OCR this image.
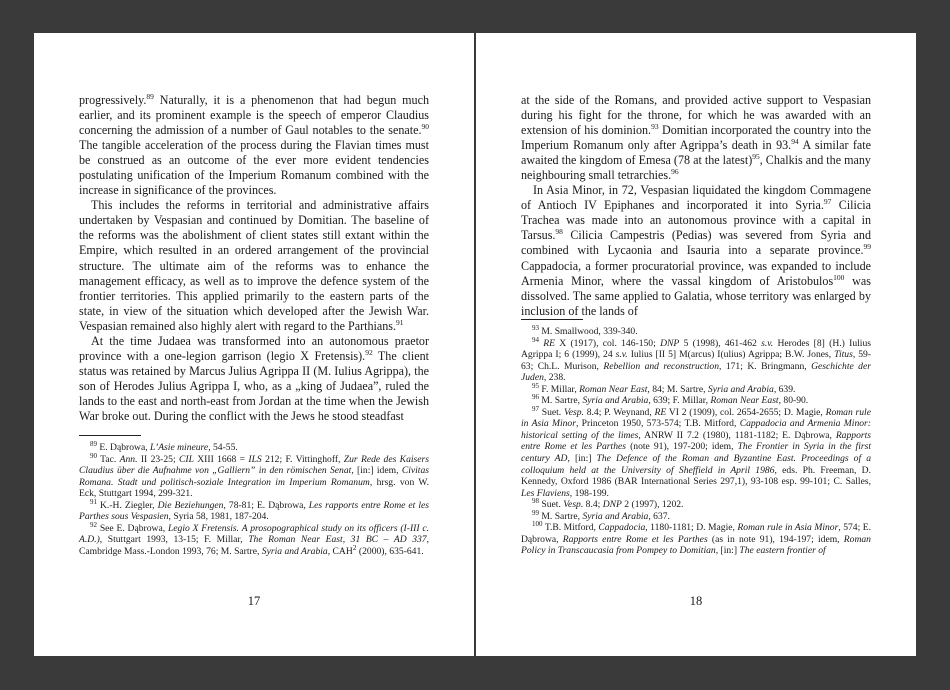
progressively.$^{89}$ Naturally, it is a phenomenon that had begun much earlier, and its prominent example is the speech of emperor Claudius concerning the admission of a number of Gaul notables to the senate.$^{90}$ The tangible acceleration of the process during the Flavian times must be construed as an outcome of the ever more evident tendencies postulating unification of the Imperium Romanum combined with the increase in significance of the provinces.

This includes the reforms in territorial and administrative affairs undertaken by Vespasian and continued by Domitian. The baseline of the reforms was the abolishment of client states still extant within the Empire, which resulted in an ordered arrangement of the provincial structure. The ultimate aim of the reforms was to enhance the management efficacy, as well as to improve the defence system of the frontier territories. This applied primarily to the eastern parts of the state, in view of the situation which developed after the Jewish War. Vespasian remained also highly alert with regard to the Parthians.$^{91}$

At the time Judaea was transformed into an autonomous praetor province with a one-legion garrison (legio X Fretensis).$^{92}$ The client status was retained by Marcus Julius Agrippa II (M. Iulius Agrippa), the son of Herodes Julius Agrippa I, who, as a „king of Judaea”, ruled the lands to the east and north-east from Jordan at the time when the Jewish War broke out. During the conflict with the Jews he stood steadfast

$^{89}$ E. Dąbrowa, L’Asie mineure, 54-55.

$^{90}$ Tac. Ann. II 23-25; CIL XIII 1668 = ILS 212; F. Vittinghoff, Zur Rede des Kaisers Claudius über die Aufnahme von „Galliern” in den römischen Senat, [in:] idem, Civitas Romana. Stadt und politisch-soziale Integration im Imperium Romanum, hrsg. von W. Eck, Stuttgart 1994, 299-321.

$^{91}$ K.-H. Ziegler, Die Beziehungen, 78-81; E. Dąbrowa, Les rapports entre Rome et les Parthes sous Vespasien, Syria 58, 1981, 187-204.

$^{92}$ See E. Dąbrowa, Legio X Fretensis. A prosopographical study on its officers (I-III c. A.D.), Stuttgart 1993, 13-15; F. Millar, The Roman Near East, 31 BC – AD 337, Cambridge Mass.-London 1993, 76; M. Sartre, Syria and Arabia, CAH$^2$ (2000), 635-641.

17

at the side of the Romans, and provided active support to Vespasian during his fight for the throne, for which he was awarded with an extension of his dominion.$^{93}$ Domitian incorporated the country into the Imperium Romanum only after Agrippa’s death in 93.94 A similar fate awaited the kingdom of Emesa (78 at the latest)$^{95}$, Chalkis and the many neighbouring small tetrarchies.$^{96}$

In Asia Minor, in 72, Vespasian liquidated the kingdom Commagene of Antioch IV Epiphanes and incorporated it into Syria.$^{97}$ Cilicia Trachea was made into an autonomous province with a capital in Tarsus.$^{98}$ Cilicia Campestris (Pedias) was severed from Syria and combined with Lycaonia and Isauria into a separate province.$^{99}$ Cappadocia, a former procuratorial province, was expanded to include Armenia Minor, where the vassal kingdom of Aristobulos$^{100}$ was dissolved. The same applied to Galatia, whose territory was enlarged by inclusion of the lands of

$^{93}$ M. Smallwood, 339-340.

$^{94}$ RE X (1917), col. 146-150; DNP 5 (1998), 461-462 s.v. Herodes [8] (H.) Iulius Agrippa I; 6 (1999), 24 s.v. Iulius [II 5] M(arcus) I(ulius) Agrippa; B.W. Jones, Titus, 59-63; Ch.L. Murison, Rebellion and reconstruction, 171; K. Bringmann, Geschichte der Juden, 238.

$^{95}$ F. Millar, Roman Near East, 84; M. Sartre, Syria and Arabia, 639.

$^{96}$ M. Sartre, Syria and Arabia, 639; F. Millar, Roman Near East, 80-90.

$^{97}$ Suet. Vesp. 8.4; P. Weynand, RE VI 2 (1909), col. 2654-2655; D. Magie, Roman rule in Asia Minor, Princeton 1950, 573-574; T.B. Mitford, Cappadocia and Armenia Minor: historical setting of the limes, ANRW II 7.2 (1980), 1181-1182; E. Dąbrowa, Rapports entre Rome et les Parthes (note 91), 197-200; idem, The Frontier in Syria in the first century AD, [in:] The Defence of the Roman and Byzantine East. Proceedings of a colloquium held at the University of Sheffield in April 1986, eds. Ph. Freeman, D. Kennedy, Oxford 1986 (BAR International Series 297,1), 93-108 esp. 99-101; C. Salles, Les Flaviens, 198-199.

$^{98}$ Suet. Vesp. 8.4; DNP 2 (1997), 1202.

$^{99}$ M. Sartre, Syria and Arabia, 637.

$^{100}$ T.B. Mitford, Cappadocia, 1180-1181; D. Magie, Roman rule in Asia Minor, 574; E. Dąbrowa, Rapports entre Rome et les Parthes (as in note 91), 194-197; idem, Roman Policy in Transcaucasia from Pompey to Domitian, [in:] The eastern frontier of

18
